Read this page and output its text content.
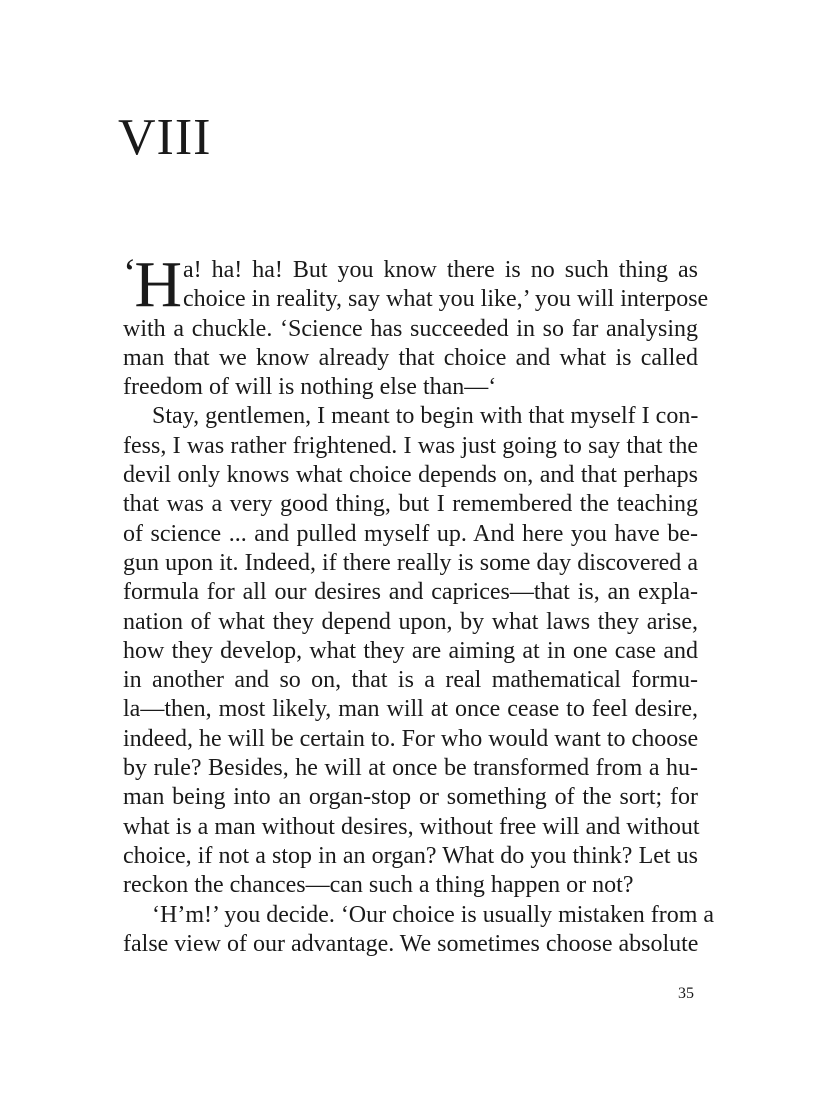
VIII
‘
H a! ha! ha! But you know there is no such thing as
choice in reality, say what you like,’ you will interpose
with a chuckle. ‘Science has succeeded in so far analysing
man that we know already that choice and what is called
freedom of will is nothing else than—‘
Stay, gentlemen, I meant to begin with that myself I con-
fess, I was rather frightened. I was just going to say that the
devil only knows what choice depends on, and that perhaps
that was a very good thing, but I remembered the teaching
of science ... and pulled myself up. And here you have be-
gun upon it. Indeed, if there really is some day discovered a
formula for all our desires and caprices—that is, an expla-
nation of what they depend upon, by what laws they arise,
how they develop, what they are aiming at in one case and
in another and so on, that is a real mathematical formu-
la—then, most likely, man will at once cease to feel desire,
indeed, he will be certain to. For who would want to choose
by rule? Besides, he will at once be transformed from a hu-
man being into an organ-stop or something of the sort; for
what is a man without desires, without free will and without
choice, if not a stop in an organ? What do you think? Let us
reckon the chances—can such a thing happen or not?
‘H’m!’ you decide. ‘Our choice is usually mistaken from a
false view of our advantage. We sometimes choose absolute
35
